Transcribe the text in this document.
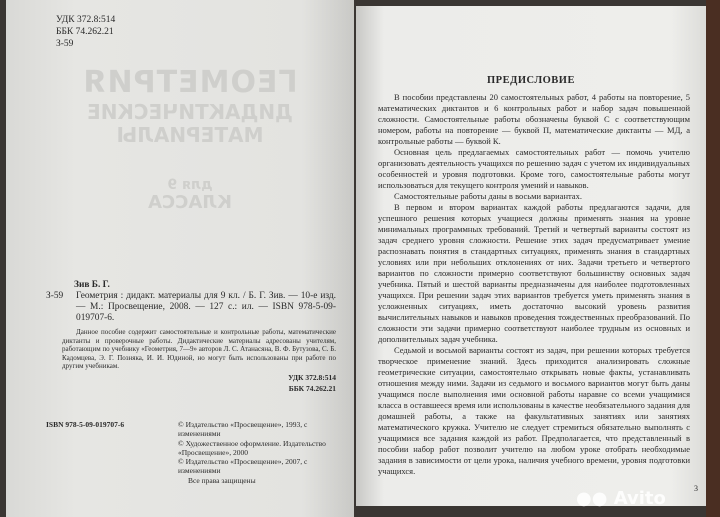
УДК 372.8:514
ББК 74.262.21
З-59
ГЕОМЕТРИЯ
ДИДАКТИЧЕСКИЕ
МАТЕРИАЛЫ
для 9
КЛАССА
Зив Б. Г.
З-59	Геометрия : дидакт. материалы для 9 кл. / Б. Г. Зив. — 10-е изд. — М.: Просвещение, 2008. — 127 с.: ил. — ISBN 978-5-09-019707-6.
Данное пособие содержит самостоятельные и контрольные работы, математические диктанты и проверочные работы. Дидактические материалы адресованы учителям, работающим по учебнику «Геометрия, 7—9» авторов Л. С. Атанасяна, В. Ф. Бутузова, С. Б. Кадомцева, Э. Г. Позняка, И. И. Юдиной, но могут быть использованы при работе по другим учебникам.
УДК 372.8:514
ББК 74.262.21
ISBN 978-5-09-019707-6	© Издательство «Просвещение», 1993, с изменениями
© Художественное оформление. Издательство «Просвещение», 2000
© Издательство «Просвещение», 2007, с изменениями
Все права защищены
ПРЕДИСЛОВИЕ

В пособии представлены 20 самостоятельных работ, 4 работы на повторение, 5 математических диктантов и 6 контрольных работ и набор задач повышенной сложности. Самостоятельные работы обозначены буквой С с соответствующим номером, работы на повторение — буквой П, математические диктанты — МД, а контрольные работы — буквой К.

Основная цель предлагаемых самостоятельных работ — помочь учителю организовать деятельность учащихся по решению задач с учетом их индивидуальных особенностей и уровня подготовки. Кроме того, самостоятельные работы могут использоваться для текущего контроля умений и навыков.

Самостоятельные работы даны в восьми вариантах.

В первом и втором вариантах каждой работы предлагаются задачи, для успешного решения которых учащиеся должны применять знания на уровне минимальных программных требований. Третий и четвертый варианты состоят из задач среднего уровня сложности. Решение этих задач предусматривает умение распознавать понятия в стандартных ситуациях, применять знания в стандартных условиях или при небольших отклонениях от них. Задачи третьего и четвертого вариантов по сложности примерно соответствуют большинству основных задач учебника. Пятый и шестой варианты предназначены для наиболее подготовленных учащихся. При решении задач этих вариантов требуется уметь применять знания в усложненных ситуациях, иметь достаточно высокий уровень развития вычислительных навыков и навыков проведения тождественных преобразований. По сложности эти задачи примерно соответствуют наиболее трудным из основных и дополнительных задач учебника.

Седьмой и восьмой варианты состоят из задач, при решении которых требуется творческое применение знаний. Здесь приходится анализировать сложные геометрические ситуации, самостоятельно открывать новые факты, устанавливать отношения между ними. Задачи из седьмого и восьмого вариантов могут быть даны учащимся после выполнения ими основной работы наравне со всеми учащимися класса в оставшееся время или использованы в качестве необязательного задания для домашней работы, а также на факультативных занятиях или занятиях математического кружка. Учителю не следует стремиться обязательно выполнять с учащимися все задания каждой из работ. Предполагается, что представленный в пособии набор работ позволит учителю на любом уроке отобрать необходимые задания в зависимости от цели урока, наличия учебного времени, уровня подготовки учащихся.

3
●● Avito
